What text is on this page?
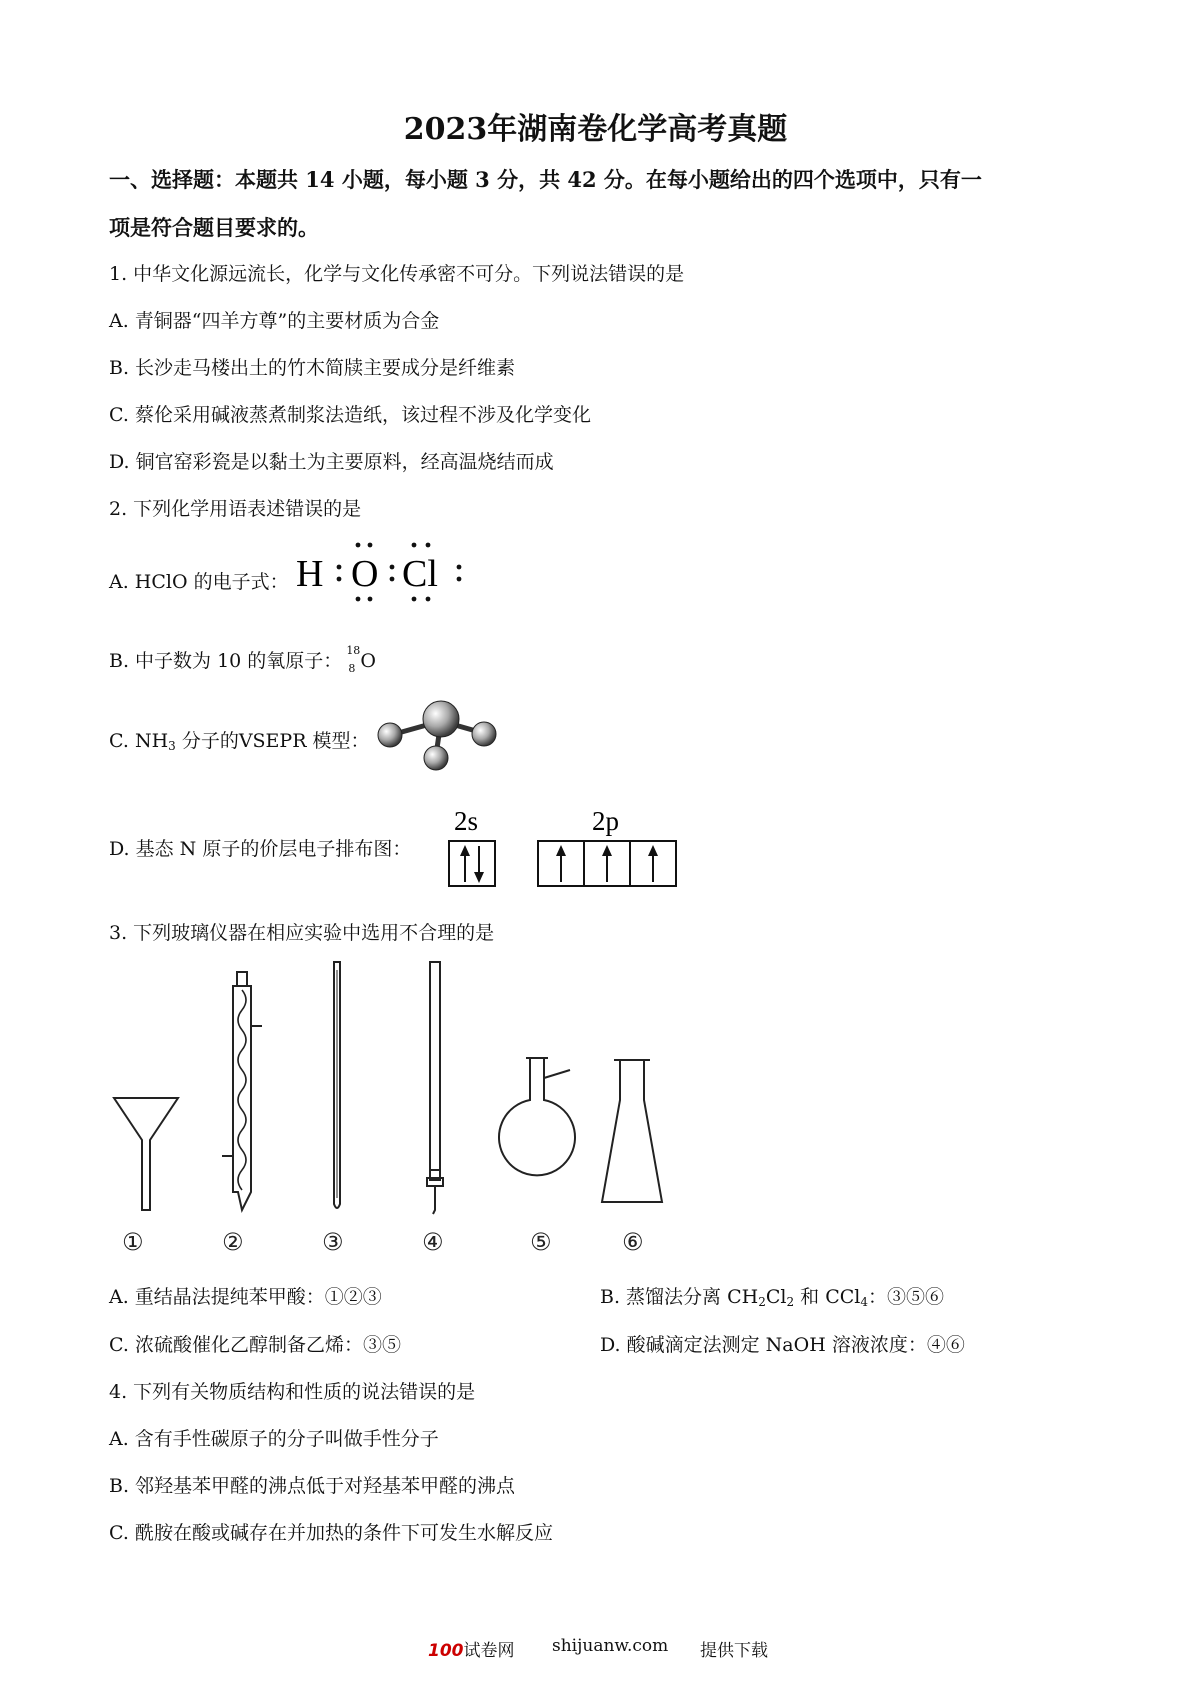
2023年湖南卷化学高考真题
一、选择题：本题共 14 小题，每小题 3 分，共 42 分。在每小题给出的四个选项中，只有一
项是符合题目要求的。
1. 中华文化源远流长，化学与文化传承密不可分。下列说法错误的是
A. 青铜器“四羊方尊”的主要材质为合金
B. 长沙走马楼出土的竹木简牍主要成分是纤维素
C. 蔡伦采用碱液蒸煮制浆法造纸，该过程不涉及化学变化
D. 铜官窑彩瓷是以黏土为主要原料，经高温烧结而成
2. 下列化学用语表述错误的是
A. HClO 的电子式： H O Cl
B. 中子数为 10 的氧原子： 18
8 O
C. $NH_3$ 分子的VSEPR 模型：
D. 基态 N 原子的价层电子排布图：
2s	2p
3. 下列玻璃仪器在相应实验中选用不合理的是
①	②	③	④	⑤	⑥
A. 重结晶法提纯苯甲酸：①②③	B. 蒸馏法分离 $CH_2Cl_2$ 和 CCl$_4$：③⑤⑥
C. 浓硫酸催化乙醇制备乙烯：③⑤	D. 酸碱滴定法测定 NaOH 溶液浓度：④⑥
4. 下列有关物质结构和性质的说法错误的是
A. 含有手性碳原子的分子叫做手性分子
B. 邻羟基苯甲醛的沸点低于对羟基苯甲醛的沸点
C. 酰胺在酸或碱存在并加热的条件下可发生水解反应
100试卷网 shijuanw.com 提供下载
